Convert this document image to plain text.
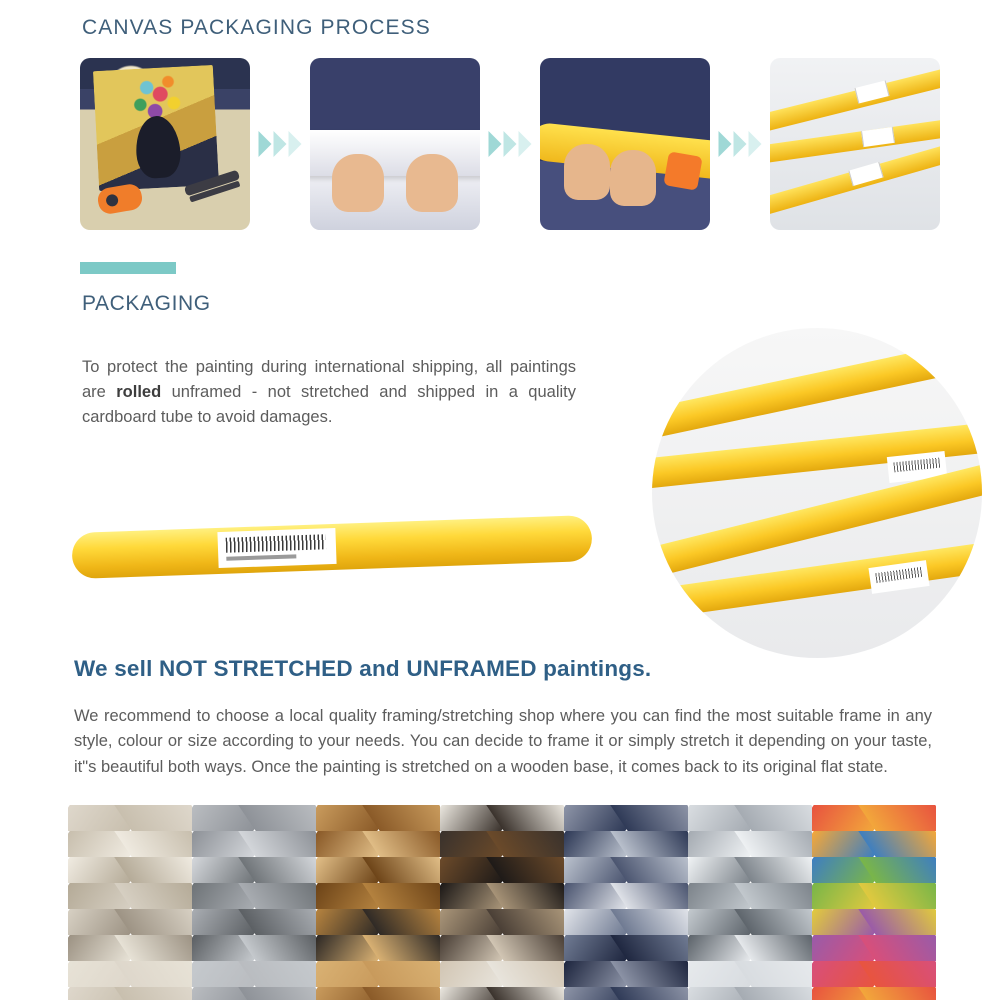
CANVAS PACKAGING PROCESS
PACKAGING

To protect the painting during international shipping, all paintings are rolled unframed - not stretched and shipped in a quality cardboard tube to avoid damages.

We sell NOT STRETCHED and UNFRAMED paintings.

We recommend to choose a local quality framing/stretching shop where you can find the most suitable frame in any style, colour or size according to your needs. You can decide to frame it or simply stretch it depending on your taste, it"s beautiful both ways. Once the painting is stretched on a wooden base, it comes back to its original flat state.
